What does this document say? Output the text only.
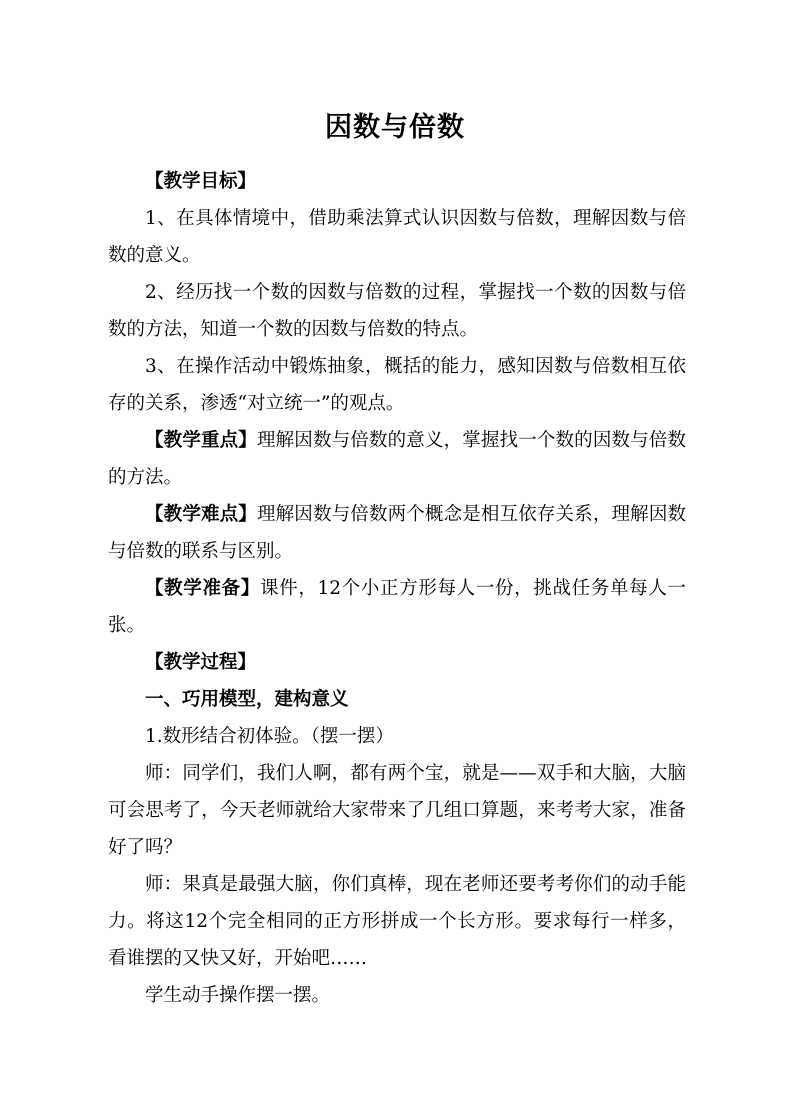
因数与倍数

【教学目标】

1、在具体情境中，借助乘法算式认识因数与倍数，理解因数与倍数的意义。

2、经历找一个数的因数与倍数的过程，掌握找一个数的因数与倍数的方法，知道一个数的因数与倍数的特点。

3、在操作活动中锻炼抽象，概括的能力，感知因数与倍数相互依存的关系，渗透“对立统一”的观点。

【教学重点】理解因数与倍数的意义，掌握找一个数的因数与倍数的方法。

【教学难点】理解因数与倍数两个概念是相互依存关系，理解因数与倍数的联系与区别。

【教学准备】课件，12个小正方形每人一份，挑战任务单每人一张。

【教学过程】

一、巧用模型，建构意义

1.数形结合初体验。（摆一摆）

师：同学们，我们人啊，都有两个宝，就是——双手和大脑，大脑可会思考了，今天老师就给大家带来了几组口算题，来考考大家，准备好了吗？

师：果真是最强大脑，你们真棒，现在老师还要考考你们的动手能力。将这12个完全相同的正方形拼成一个长方形。要求每行一样多，看谁摆的又快又好，开始吧……

学生动手操作摆一摆。
